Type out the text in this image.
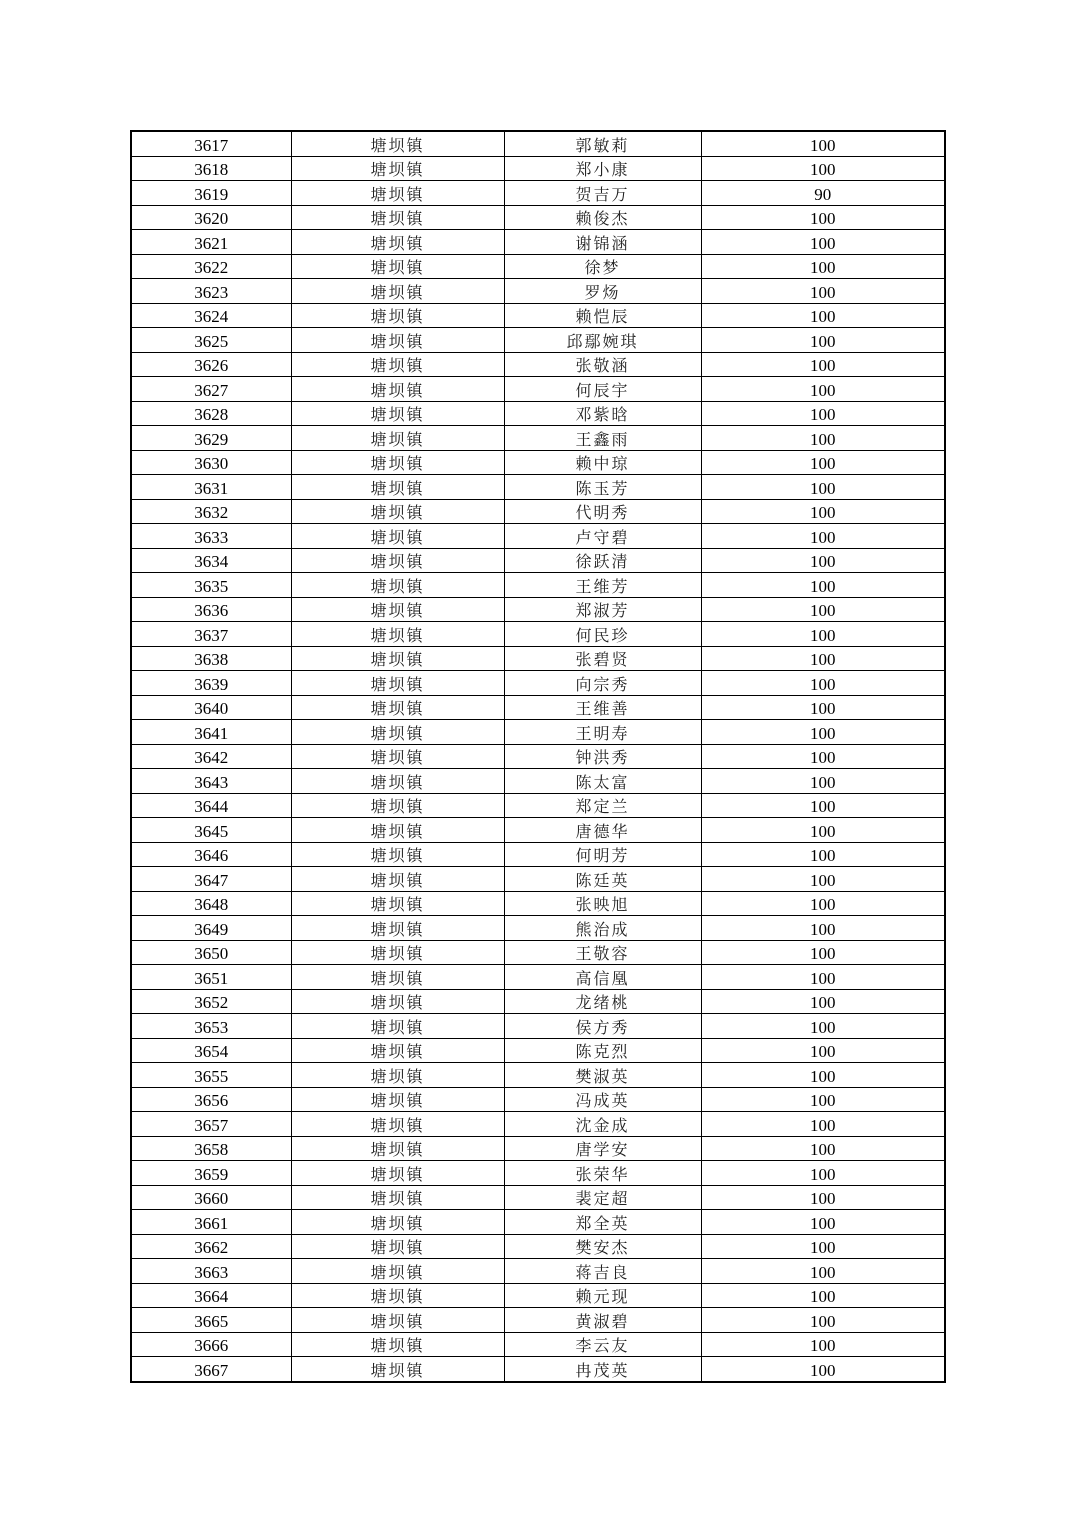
3617	塘坝镇	郭敏莉	100
3618	塘坝镇	郑小康	100
3619	塘坝镇	贺吉万	90
3620	塘坝镇	赖俊杰	100
3621	塘坝镇	谢锦涵	100
3622	塘坝镇	徐梦	100
3623	塘坝镇	罗炀	100
3624	塘坝镇	赖恺辰	100
3625	塘坝镇	邱鄢婉琪	100
3626	塘坝镇	张敬涵	100
3627	塘坝镇	何辰宇	100
3628	塘坝镇	邓紫晗	100
3629	塘坝镇	王鑫雨	100
3630	塘坝镇	赖中琼	100
3631	塘坝镇	陈玉芳	100
3632	塘坝镇	代明秀	100
3633	塘坝镇	卢守碧	100
3634	塘坝镇	徐跃清	100
3635	塘坝镇	王维芳	100
3636	塘坝镇	郑淑芳	100
3637	塘坝镇	何民珍	100
3638	塘坝镇	张碧贤	100
3639	塘坝镇	向宗秀	100
3640	塘坝镇	王维善	100
3641	塘坝镇	王明寿	100
3642	塘坝镇	钟洪秀	100
3643	塘坝镇	陈太富	100
3644	塘坝镇	郑定兰	100
3645	塘坝镇	唐德华	100
3646	塘坝镇	何明芳	100
3647	塘坝镇	陈廷英	100
3648	塘坝镇	张映旭	100
3649	塘坝镇	熊治成	100
3650	塘坝镇	王敬容	100
3651	塘坝镇	高信凰	100
3652	塘坝镇	龙绪桃	100
3653	塘坝镇	侯方秀	100
3654	塘坝镇	陈克烈	100
3655	塘坝镇	樊淑英	100
3656	塘坝镇	冯成英	100
3657	塘坝镇	沈金成	100
3658	塘坝镇	唐学安	100
3659	塘坝镇	张荣华	100
3660	塘坝镇	裴定超	100
3661	塘坝镇	郑全英	100
3662	塘坝镇	樊安杰	100
3663	塘坝镇	蒋吉良	100
3664	塘坝镇	赖元现	100
3665	塘坝镇	黄淑碧	100
3666	塘坝镇	李云友	100
3667	塘坝镇	冉茂英	100
